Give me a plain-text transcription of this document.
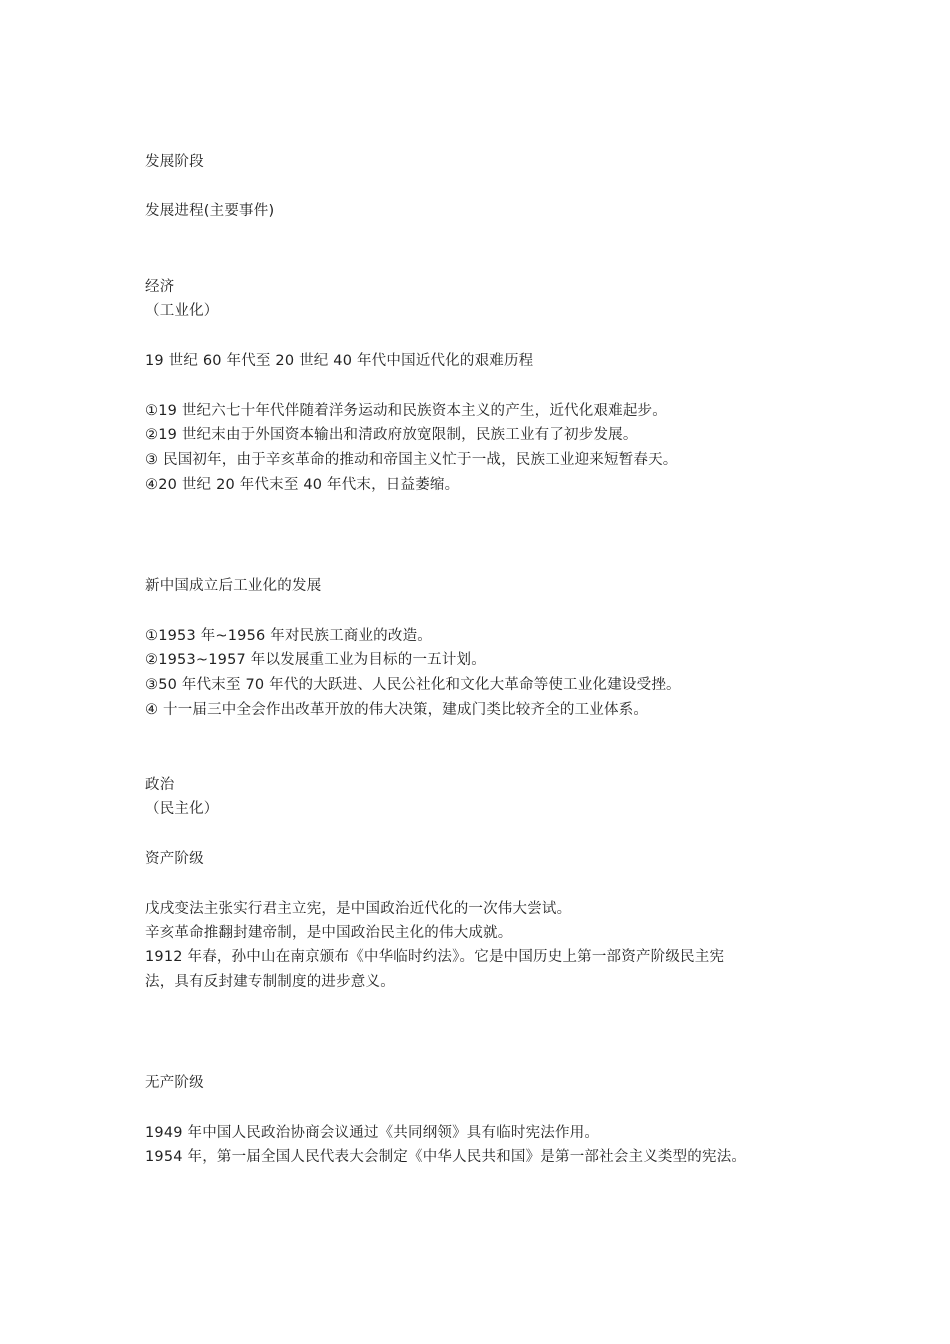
发展阶段
发展进程(主要事件)
经济
（工业化）
19 世纪 60 年代至 20 世纪 40 年代中国近代化的艰难历程
①19 世纪六七十年代伴随着洋务运动和民族资本主义的产生，近代化艰难起步。
②19 世纪末由于外国资本输出和清政府放宽限制，民族工业有了初步发展。
③ 民国初年，由于辛亥革命的推动和帝国主义忙于一战，民族工业迎来短暂春天。
④20 世纪 20 年代末至 40 年代末，日益萎缩。
新中国成立后工业化的发展
①1953 年~1956 年对民族工商业的改造。
②1953~1957 年以发展重工业为目标的一五计划。
③50 年代末至 70 年代的大跃进、人民公社化和文化大革命等使工业化建设受挫。
④ 十一届三中全会作出改革开放的伟大决策，建成门类比较齐全的工业体系。
政治
（民主化）
资产阶级
戊戌变法主张实行君主立宪，是中国政治近代化的一次伟大尝试。
辛亥革命推翻封建帝制，是中国政治民主化的伟大成就。
1912 年春，孙中山在南京颁布《中华临时约法》。它是中国历史上第一部资产阶级民主宪
法，具有反封建专制制度的进步意义。
无产阶级
1949 年中国人民政治协商会议通过《共同纲领》具有临时宪法作用。
1954 年，第一届全国人民代表大会制定《中华人民共和国》是第一部社会主义类型的宪法。
